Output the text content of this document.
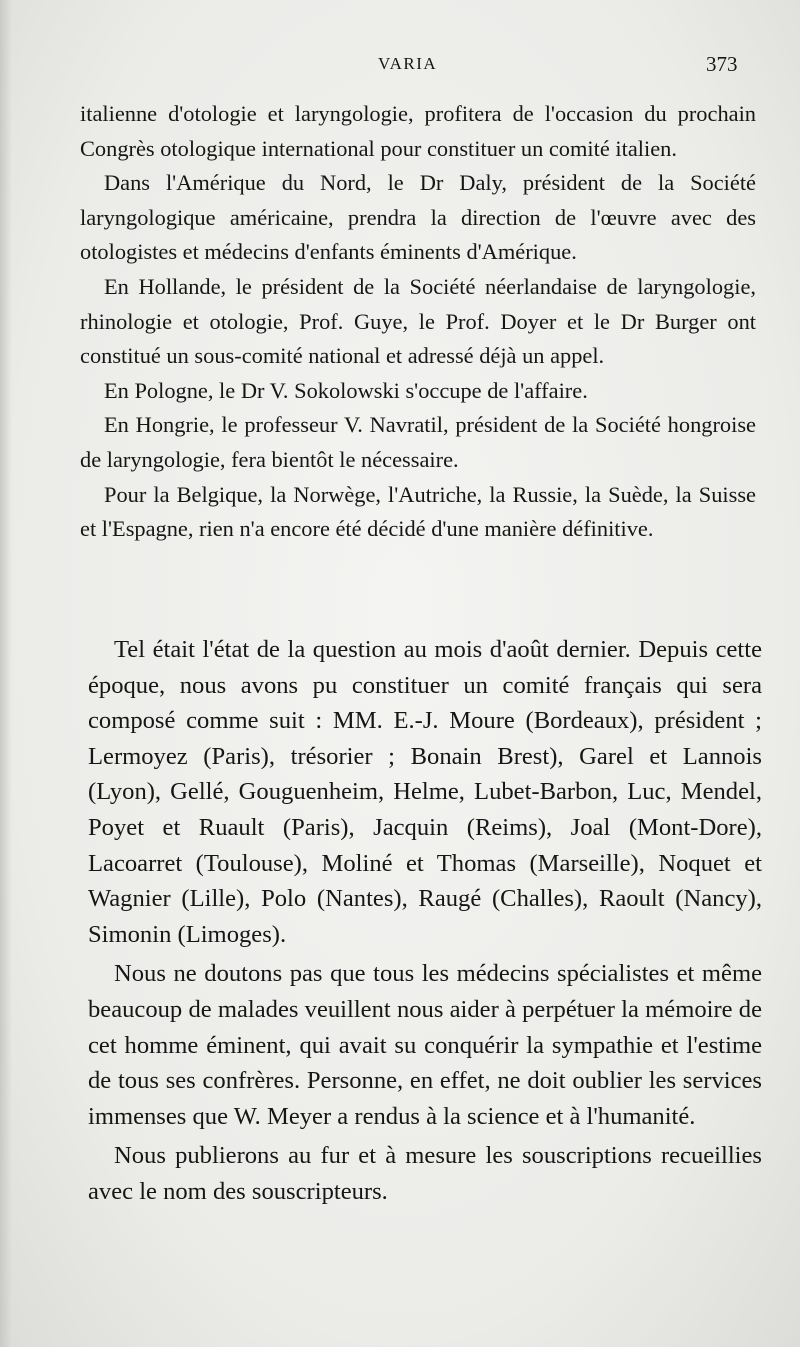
VARIA	373

italienne d'otologie et laryngologie, profitera de l'occasion du prochain Congrès otologique international pour constituer un comité italien.

Dans l'Amérique du Nord, le Dr Daly, président de la Société laryngologique américaine, prendra la direction de l'œuvre avec des otologistes et médecins d'enfants éminents d'Amérique.

En Hollande, le président de la Société néerlandaise de laryngologie, rhinologie et otologie, Prof. Guye, le Prof. Doyer et le Dr Burger ont constitué un sous-comité national et adressé déjà un appel.

En Pologne, le Dr V. Sokolowski s'occupe de l'affaire.

En Hongrie, le professeur V. Navratil, président de la Société hongroise de laryngologie, fera bientôt le nécessaire.

Pour la Belgique, la Norwège, l'Autriche, la Russie, la Suède, la Suisse et l'Espagne, rien n'a encore été décidé d'une manière définitive.

Tel était l'état de la question au mois d'août dernier. Depuis cette époque, nous avons pu constituer un comité français qui sera composé comme suit : MM. E.-J. Moure (Bordeaux), président ; Lermoyez (Paris), trésorier ; Bonain Brest), Garel et Lannois (Lyon), Gellé, Gouguenheim, Helme, Lubet-Barbon, Luc, Mendel, Poyet et Ruault (Paris), Jacquin (Reims), Joal (Mont-Dore), Lacoarret (Toulouse), Moliné et Thomas (Marseille), Noquet et Wagnier (Lille), Polo (Nantes), Raugé (Challes), Raoult (Nancy), Simonin (Limoges).

Nous ne doutons pas que tous les médecins spécialistes et même beaucoup de malades veuillent nous aider à perpétuer la mémoire de cet homme éminent, qui avait su conquérir la sympathie et l'estime de tous ses confrères. Personne, en effet, ne doit oublier les services immenses que W. Meyer a rendus à la science et à l'humanité.

Nous publierons au fur et à mesure les souscriptions recueillies avec le nom des souscripteurs.
